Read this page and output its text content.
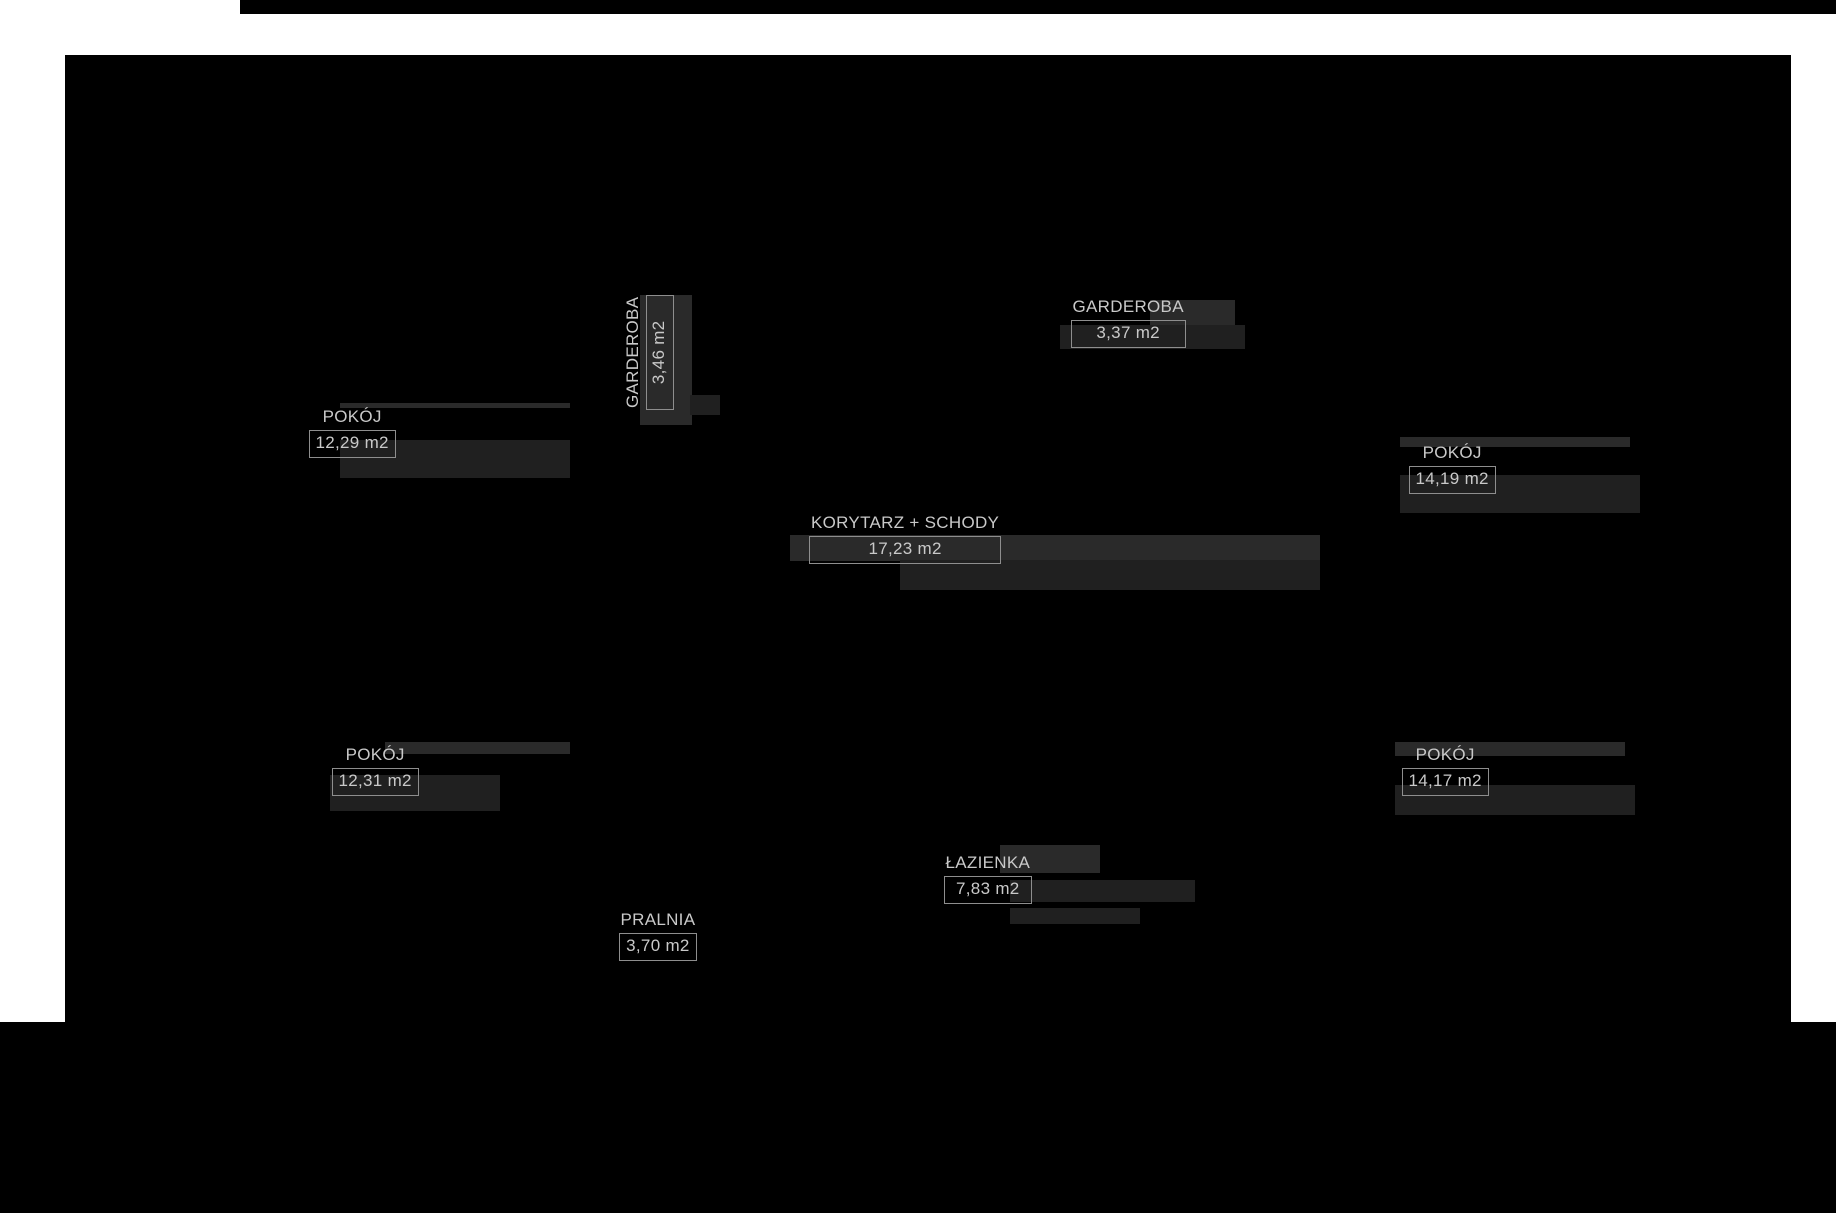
POKÓJ
12,29 m2
GARDEROBA 3,46 m2
GARDEROBA
3,37 m2
POKÓJ
14,19 m2
KORYTARZ + SCHODY
17,23 m2
POKÓJ
12,31 m2
POKÓJ
14,17 m2
ŁAZIENKA
7,83 m2
PRALNIA
3,70 m2
